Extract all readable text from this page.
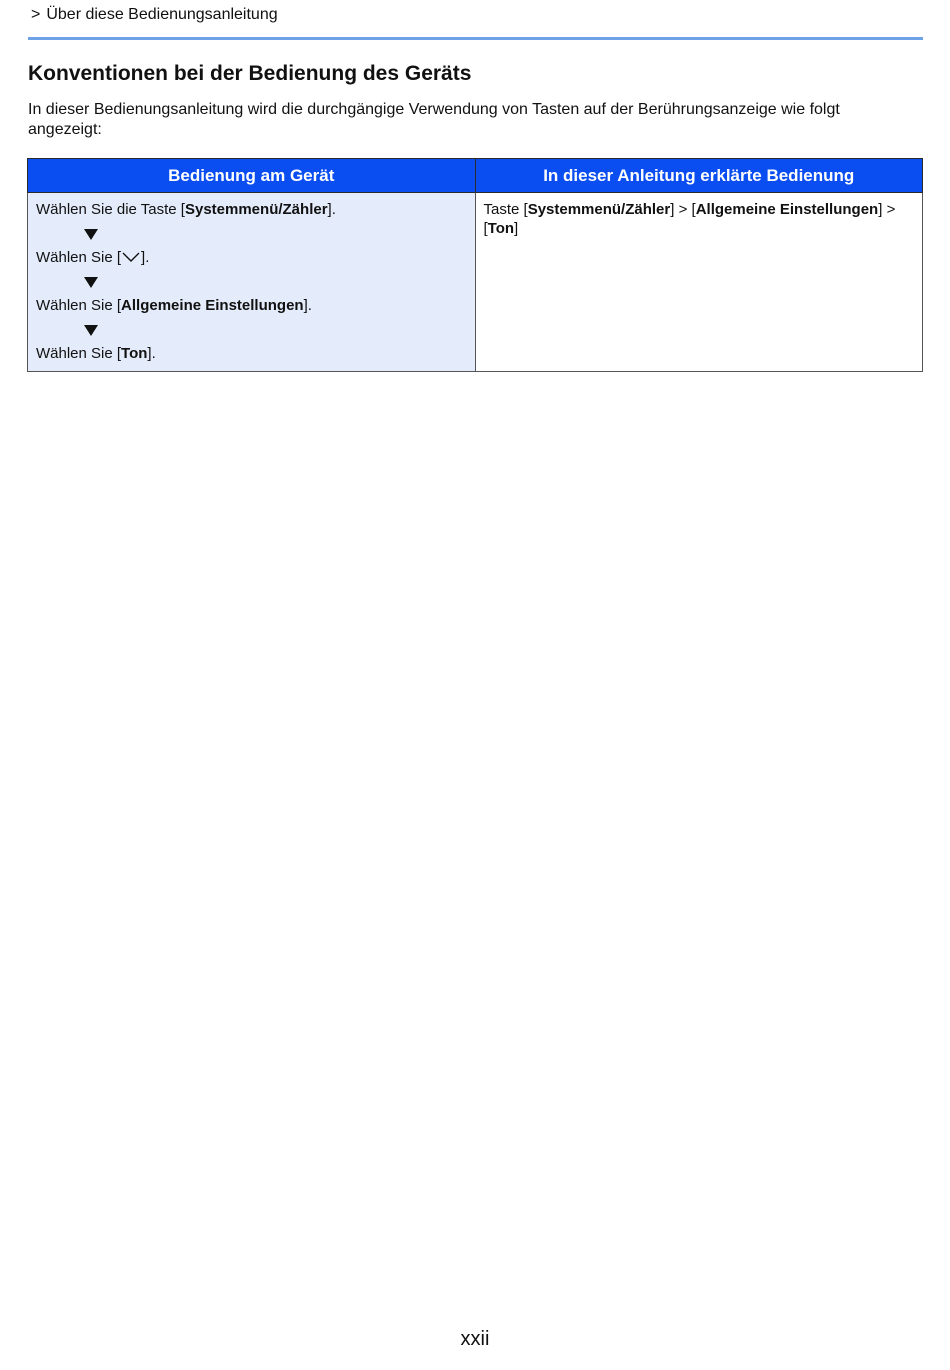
> Über diese Bedienungsanleitung
Konventionen bei der Bedienung des Geräts

In dieser Bedienungsanleitung wird die durchgängige Verwendung von Tasten auf der Berührungsanzeige wie folgt angezeigt:

Bedienung am Gerät	In dieser Anleitung erklärte Bedienung

Wählen Sie die Taste [Systemmenü/Zähler].
Wählen Sie [ ].
Wählen Sie [Allgemeine Einstellungen].
Wählen Sie [Ton].	Taste [Systemmenü/Zähler] > [Allgemeine Einstellungen] > [Ton]
xxii
